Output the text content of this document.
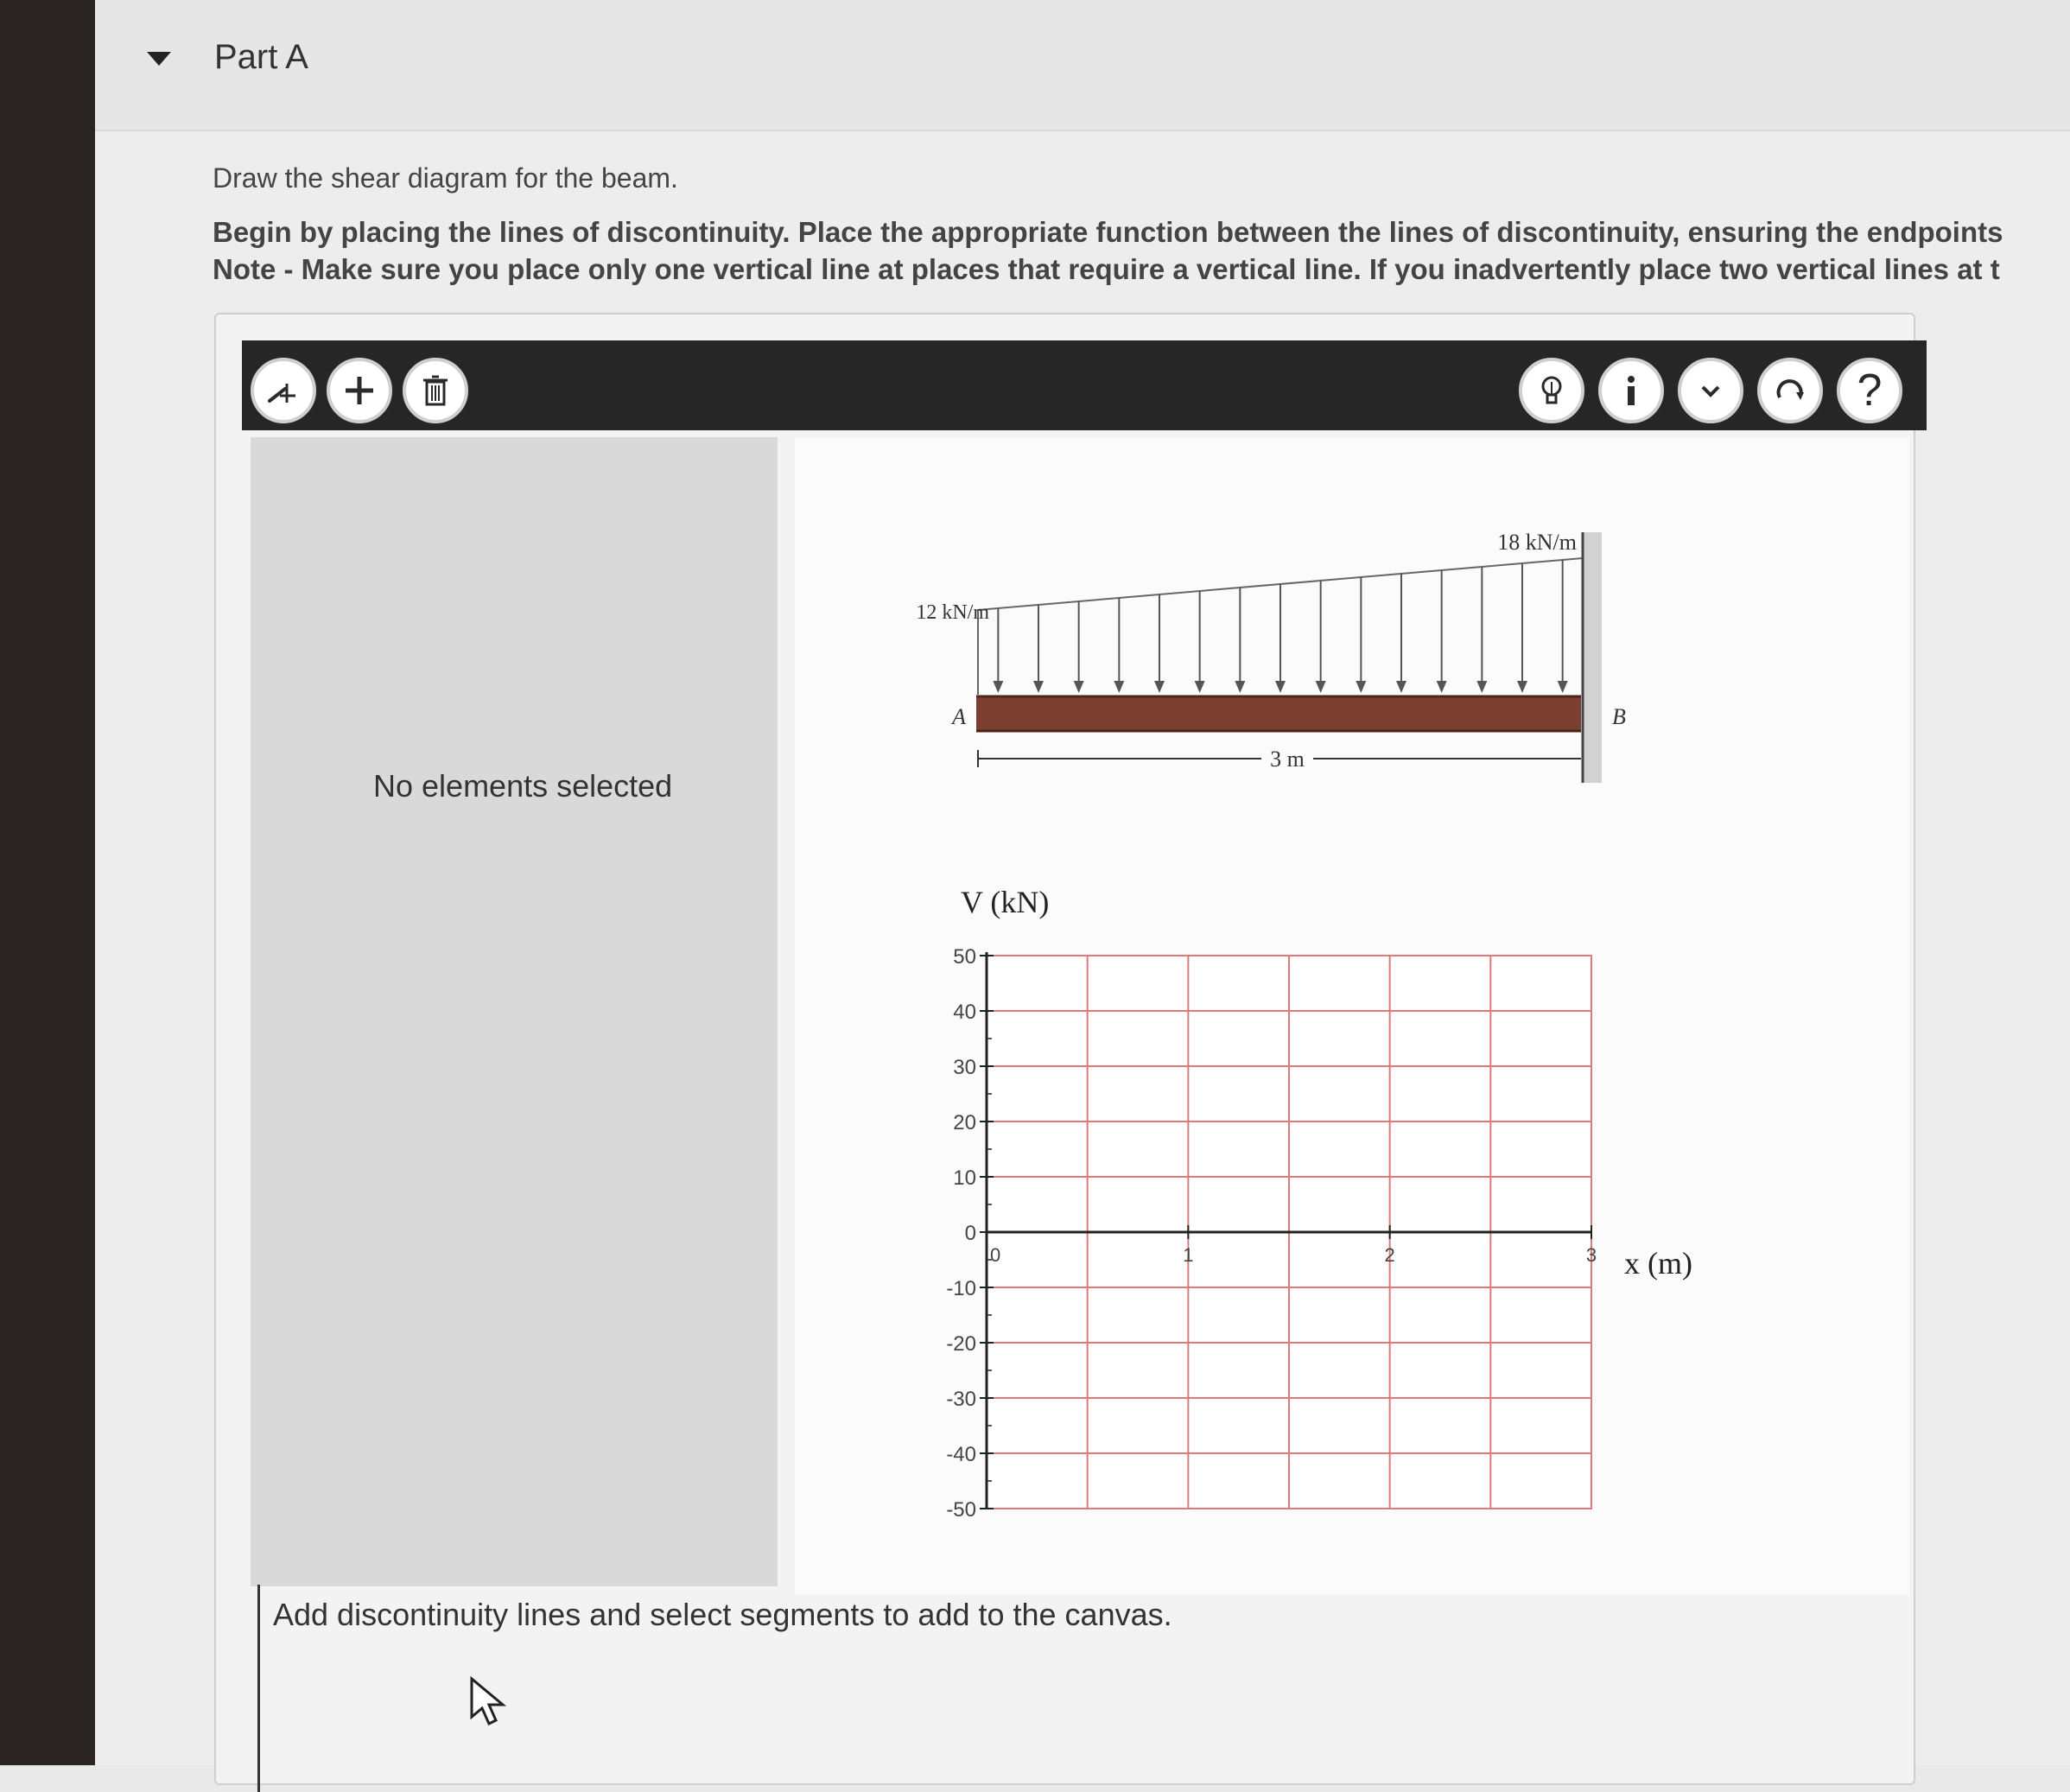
Part A
Draw the shear diagram for the beam.
Begin by placing the lines of discontinuity. Place the appropriate function between the lines of discontinuity, ensuring the endpoints
Note - Make sure you place only one vertical line at places that require a vertical line. If you inadvertently place two vertical lines at t
?
No elements selected
12 kN/m
18 kN/m
A	B
3 m
V (kN)
x (m)
50
40
30
20
10
0
-10
-20
-30
-40
-50
0	1	2	3
Add discontinuity lines and select segments to add to the canvas.
